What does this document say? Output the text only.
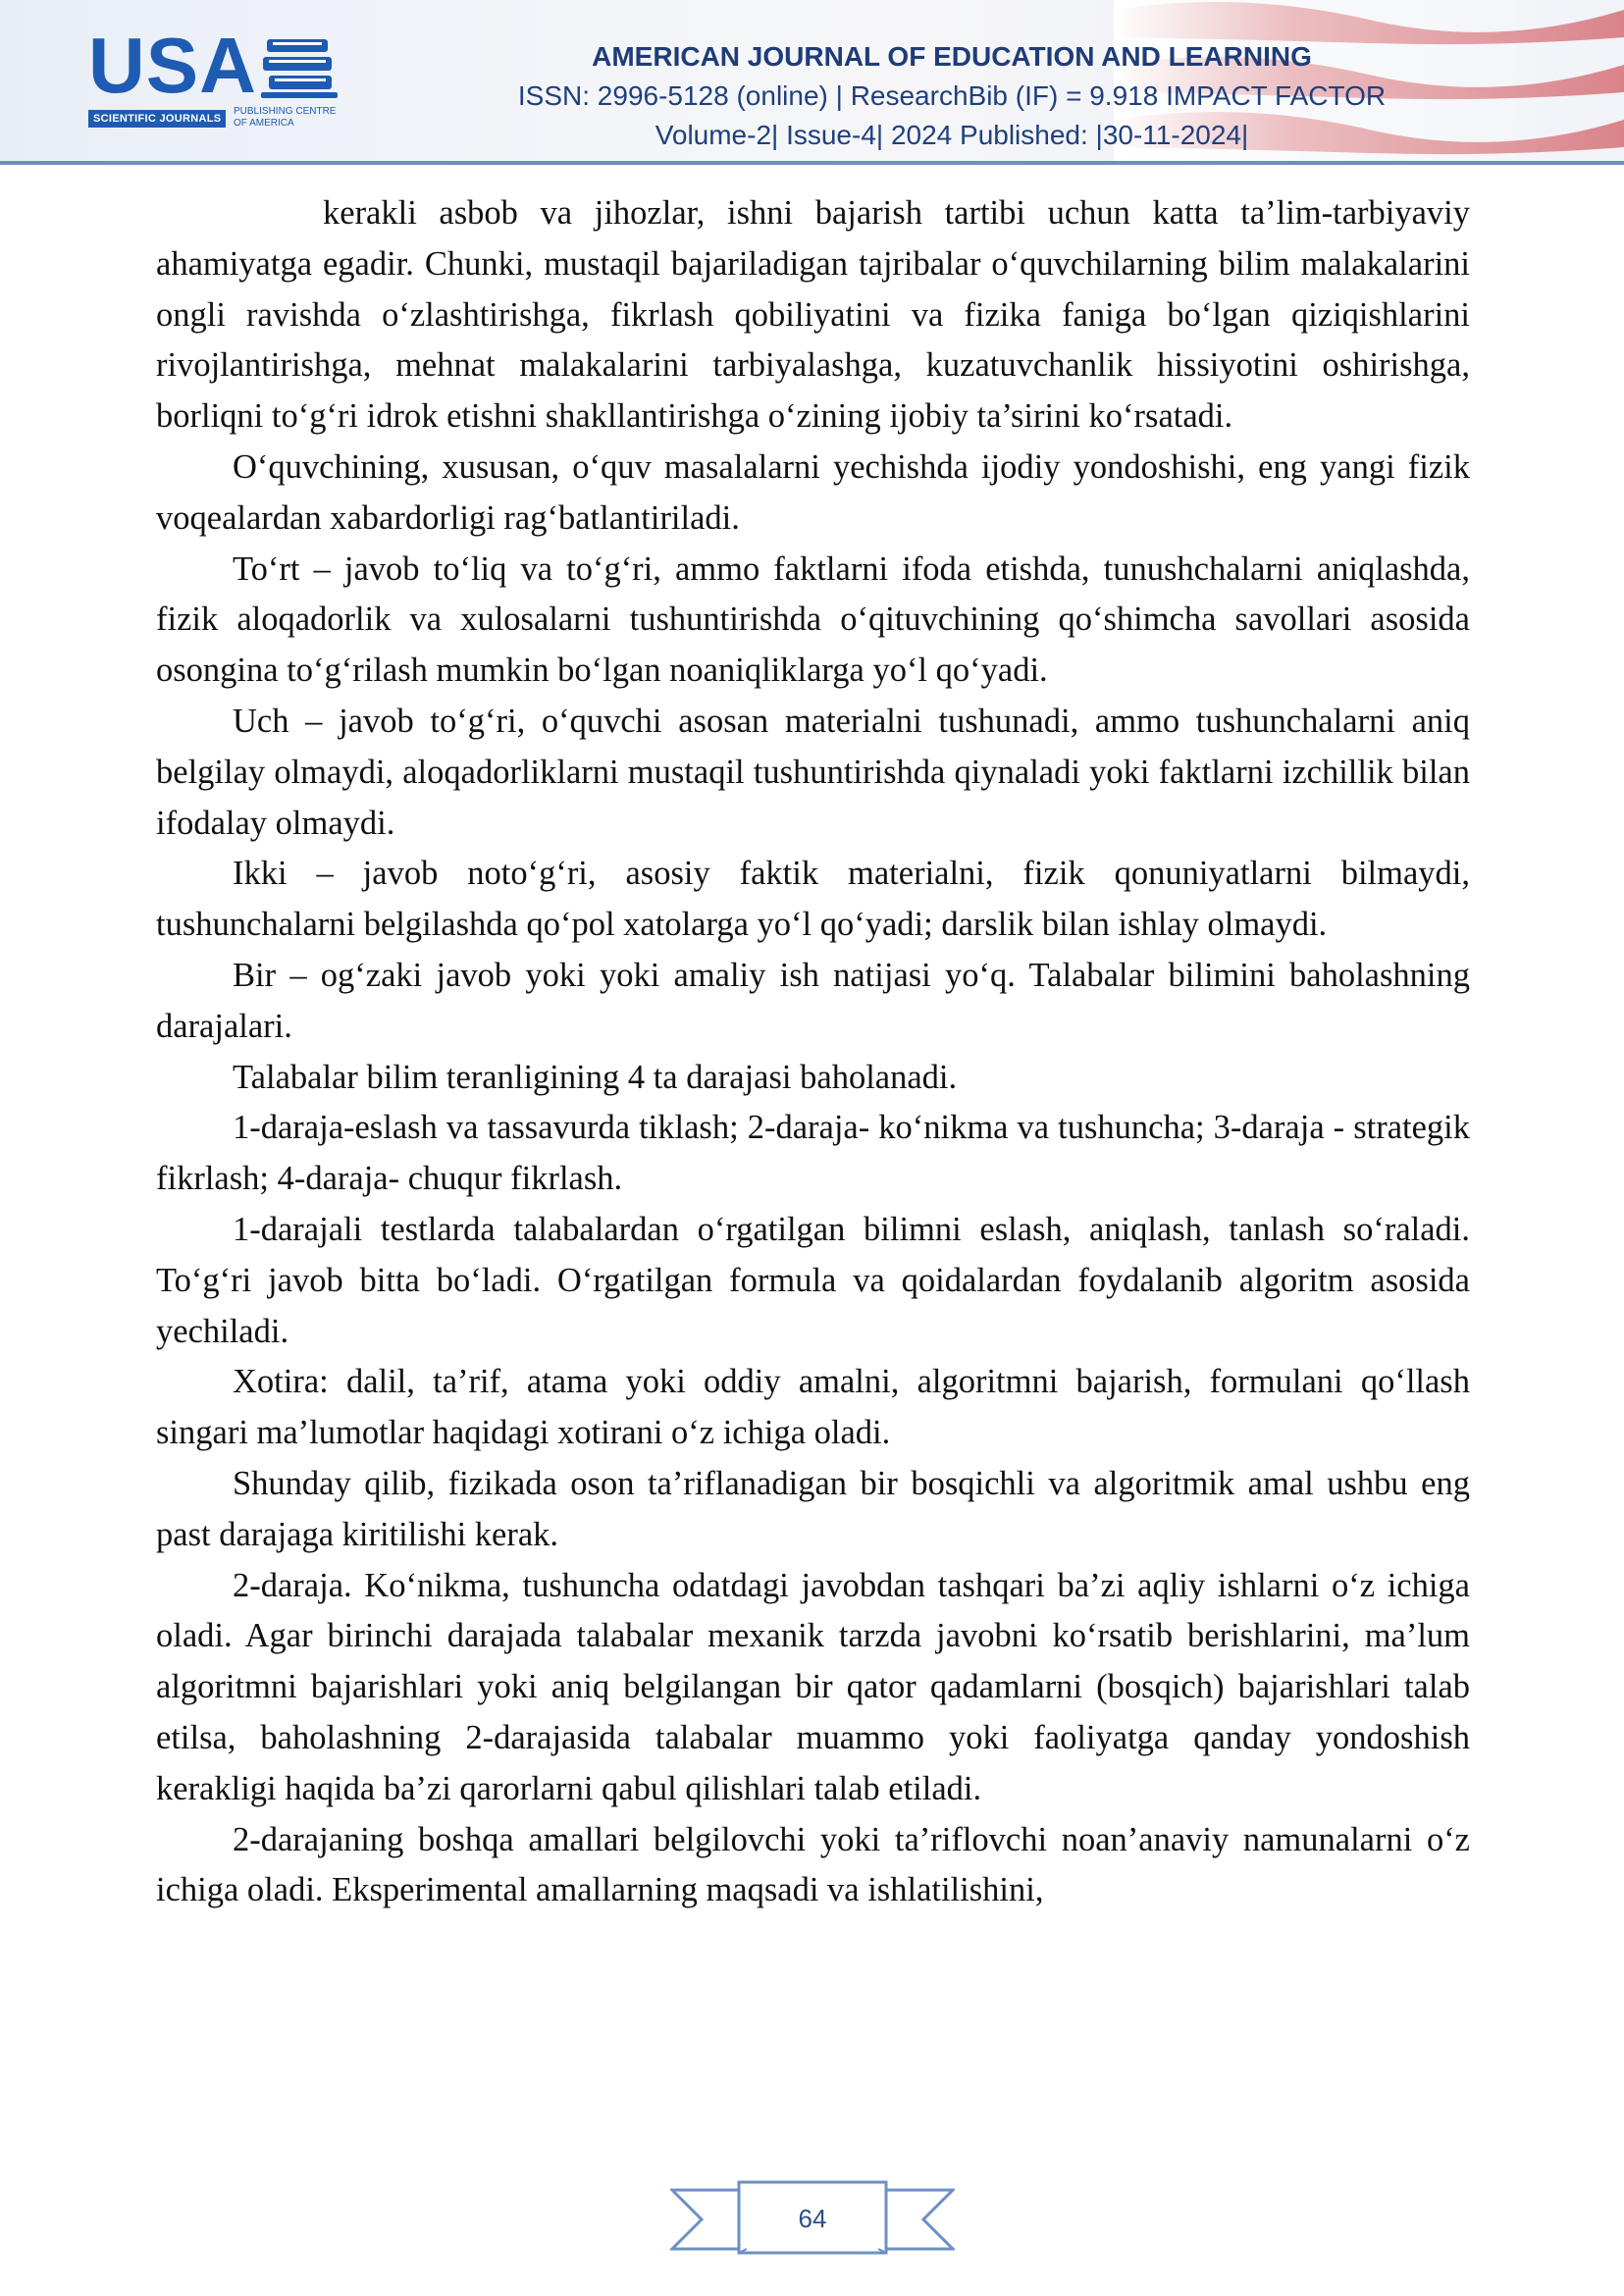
USA
SCIENTIFIC JOURNALS
PUBLISHING CENTRE
OF AMERICA
AMERICAN JOURNAL OF EDUCATION AND LEARNING
ISSN: 2996-5128 (online) | ResearchBib (IF) = 9.918 IMPACT FACTOR
Volume-2| Issue-4| 2024 Published: |30-11-2024|

kerakli asbob va jihozlar, ishni bajarish tartibi uchun katta ta’lim-tarbiyaviy ahamiyatga egadir. Chunki, mustaqil bajariladigan tajribalar o‘quvchilarning bilim malakalarini ongli ravishda o‘zlashtirishga, fikrlash qobiliyatini va fizika faniga bo‘lgan qiziqishlarini rivojlantirishga, mehnat malakalarini tarbiyalashga, kuzatuvchanlik hissiyotini oshirishga, borliqni to‘g‘ri idrok etishni shakllantirishga o‘zining ijobiy ta’sirini ko‘rsatadi.

O‘quvchining, xususan, o‘quv masalalarni yechishda ijodiy yondoshishi, eng yangi fizik voqealardan xabardorligi rag‘batlantiriladi.

To‘rt – javob to‘liq va to‘g‘ri, ammo faktlarni ifoda etishda, tunushchalarni aniqlashda, fizik aloqadorlik va xulosalarni tushuntirishda o‘qituvchining qo‘shimcha savollari asosida osongina to‘g‘rilash mumkin bo‘lgan noaniqliklarga yo‘l qo‘yadi.

Uch – javob to‘g‘ri, o‘quvchi asosan materialni tushunadi, ammo tushunchalarni aniq belgilay olmaydi, aloqadorliklarni mustaqil tushuntirishda qiynaladi yoki faktlarni izchillik bilan ifodalay olmaydi.

Ikki – javob noto‘g‘ri, asosiy faktik materialni, fizik qonuniyatlarni bilmaydi, tushunchalarni belgilashda qo‘pol xatolarga yo‘l qo‘yadi; darslik bilan ishlay olmaydi.

Bir – og‘zaki javob yoki yoki amaliy ish natijasi yo‘q. Talabalar bilimini baholashning darajalari.

Talabalar bilim teranligining 4 ta darajasi baholanadi.

1-daraja-eslash va tassavurda tiklash; 2-daraja- ko‘nikma va tushuncha; 3-daraja - strategik fikrlash; 4-daraja- chuqur fikrlash.

1-darajali testlarda talabalardan o‘rgatilgan bilimni eslash, aniqlash, tanlash so‘raladi. To‘g‘ri javob bitta bo‘ladi. O‘rgatilgan formula va qoidalardan foydalanib algoritm asosida yechiladi.

Xotira: dalil, ta’rif, atama yoki oddiy amalni, algoritmni bajarish, formulani qo‘llash singari ma’lumotlar haqidagi xotirani o‘z ichiga oladi.

Shunday qilib, fizikada oson ta’riflanadigan bir bosqichli va algoritmik amal ushbu eng past darajaga kiritilishi kerak.

2-daraja. Ko‘nikma, tushuncha odatdagi javobdan tashqari ba’zi aqliy ishlarni o‘z ichiga oladi. Agar birinchi darajada talabalar mexanik tarzda javobni ko‘rsatib berishlarini, ma’lum algoritmni bajarishlari yoki aniq belgilangan bir qator qadamlarni (bosqich) bajarishlari talab etilsa, baholashning 2-darajasida talabalar muammo yoki faoliyatga qanday yondoshish kerakligi haqida ba’zi qarorlarni qabul qilishlari talab etiladi.

2-darajaning boshqa amallari belgilovchi yoki ta’riflovchi noan’anaviy namunalarni o‘z ichiga oladi. Eksperimental amallarning maqsadi va ishlatilishini,

64
